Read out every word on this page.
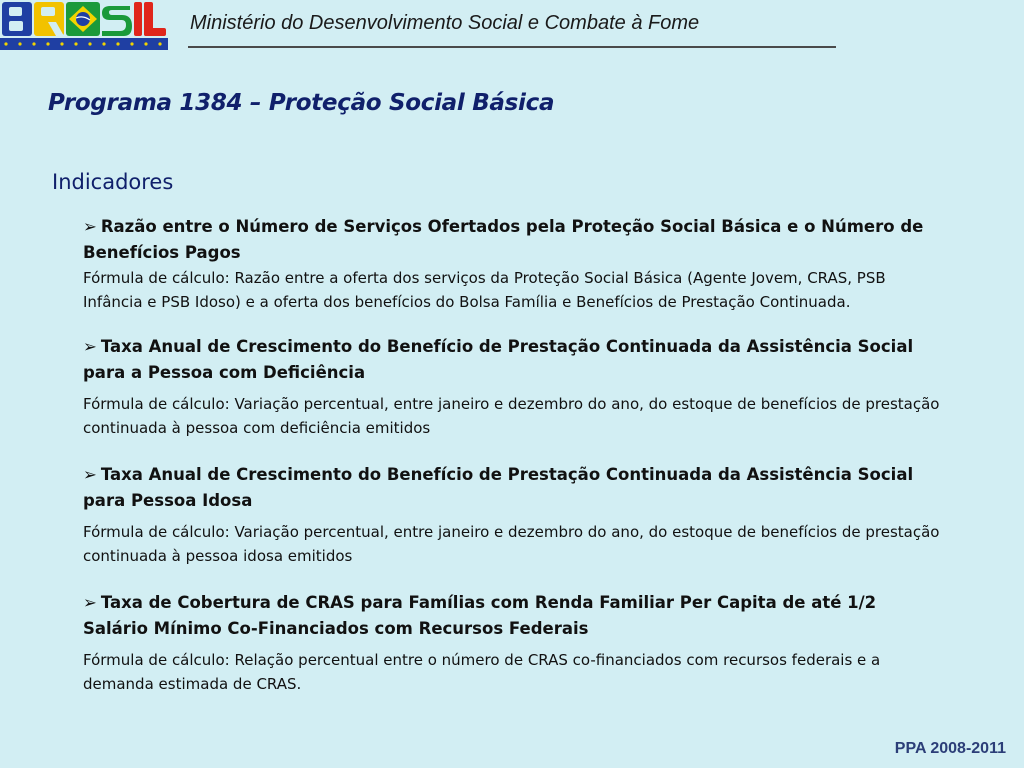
Ministério do Desenvolvimento Social e Combate à Fome
Programa 1384 – Proteção Social Básica
Indicadores
➢ Razão entre o Número de Serviços Ofertados pela Proteção Social Básica e o Número de Benefícios Pagos
Fórmula de cálculo: Razão entre a oferta dos serviços da Proteção Social Básica (Agente Jovem, CRAS, PSB Infância e PSB Idoso) e a oferta dos benefícios do Bolsa Família e Benefícios de Prestação Continuada.
➢ Taxa Anual de Crescimento do Benefício de Prestação Continuada da Assistência Social para a Pessoa com Deficiência
Fórmula de cálculo: Variação percentual, entre janeiro e dezembro do ano, do estoque de benefícios de prestação continuada à pessoa com deficiência emitidos
➢ Taxa Anual de Crescimento do Benefício de Prestação Continuada da Assistência Social para Pessoa Idosa
Fórmula de cálculo: Variação percentual, entre janeiro e dezembro do ano, do estoque de benefícios de prestação continuada à pessoa idosa emitidos
➢ Taxa de Cobertura de CRAS para Famílias com Renda Familiar Per Capita de até 1/2 Salário Mínimo Co-Financiados com Recursos Federais
Fórmula de cálculo: Relação percentual entre o número de CRAS co-financiados com recursos federais e a demanda estimada de CRAS.
PPA 2008-2011
